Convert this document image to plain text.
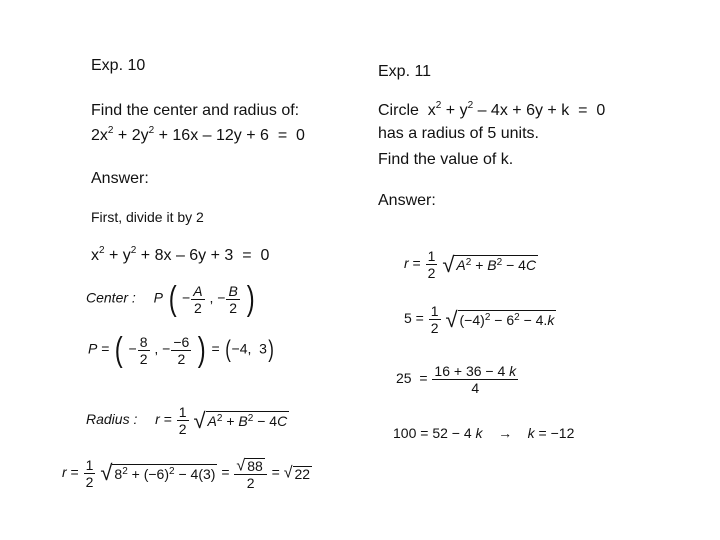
Exp. 10
Find the center and radius of:
$2x^2 + 2y^2 + 16x - 12y + 6 = 0$
Answer:
First, divide it by 2
$x^2 + y^2 + 8x - 6y + 3 = 0$
Center : P ( − $\frac{A}{2}$ , − $\frac{B}{2}$ )
P = ( − $\frac{8}{2}$ , − $\frac{-6}{2}$ ) = (−4,  3)
Radius : $r = \frac{1}{2}$ √ $A^2 + B^2 - 4C$
$r = \frac{1}{2}$ √ $8^2 + (-6)^2 - 4(3) = \frac{√ 88}{2}$ = √ 22
Exp. 11
Circle  $x^2 + y^2 - 4x + 6y + k = 0$
has a radius of 5 units.
Find the value of k.
Answer:
$r = \frac{1}{2}$ √ $A^2 + B^2 - 4C$
$5 = \frac{1}{2}$ √ $(-4)^2 - 6^2 - 4.k$
$25 = \frac{16 + 36 - 4 k}{4}$
100 = 52 − 4 k    →    k = −12
